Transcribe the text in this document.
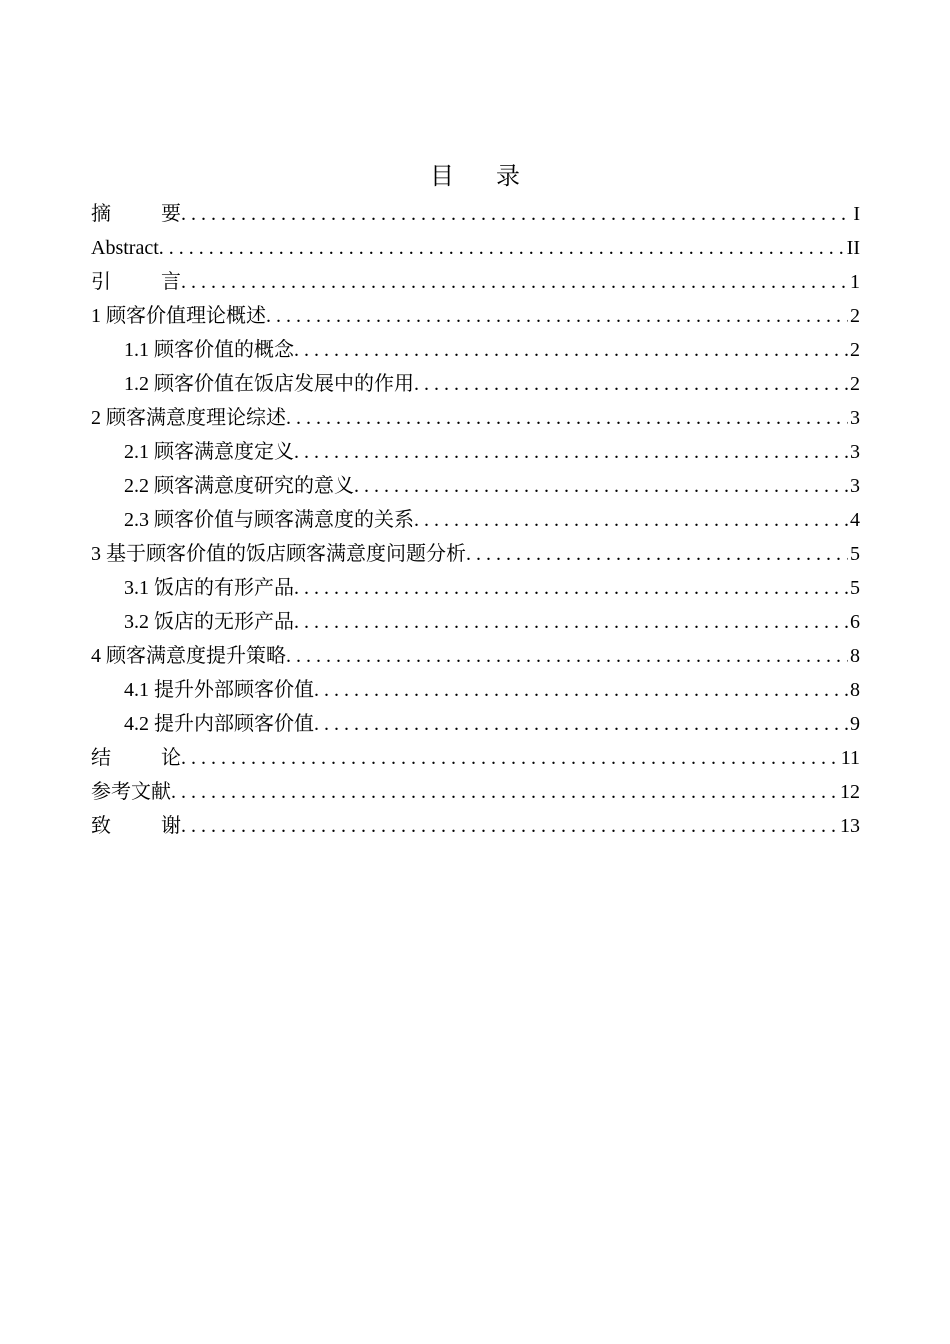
目 录
摘	要 . . .	I
Abstract . . .	II
引	言 . . .	1
1 顾客价值理论概述 . . .	2
1.1 顾客价值的概念 . . .	2
1.2 顾客价值在饭店发展中的作用 . . .	2
2 顾客满意度理论综述 . . .	3
2.1 顾客满意度定义 . . .	3
2.2 顾客满意度研究的意义 . . .	3
2.3 顾客价值与顾客满意度的关系 . . .	4
3 基于顾客价值的饭店顾客满意度问题分析 . . .	5
3.1 饭店的有形产品 . . .	5
3.2 饭店的无形产品 . . .	6
4 顾客满意度提升策略 . . .	8
4.1 提升外部顾客价值 . . .	8
4.2 提升内部顾客价值 . . .	9
结	论 . . .	11
参考文献 . . .	12
致	谢 . . .	13
